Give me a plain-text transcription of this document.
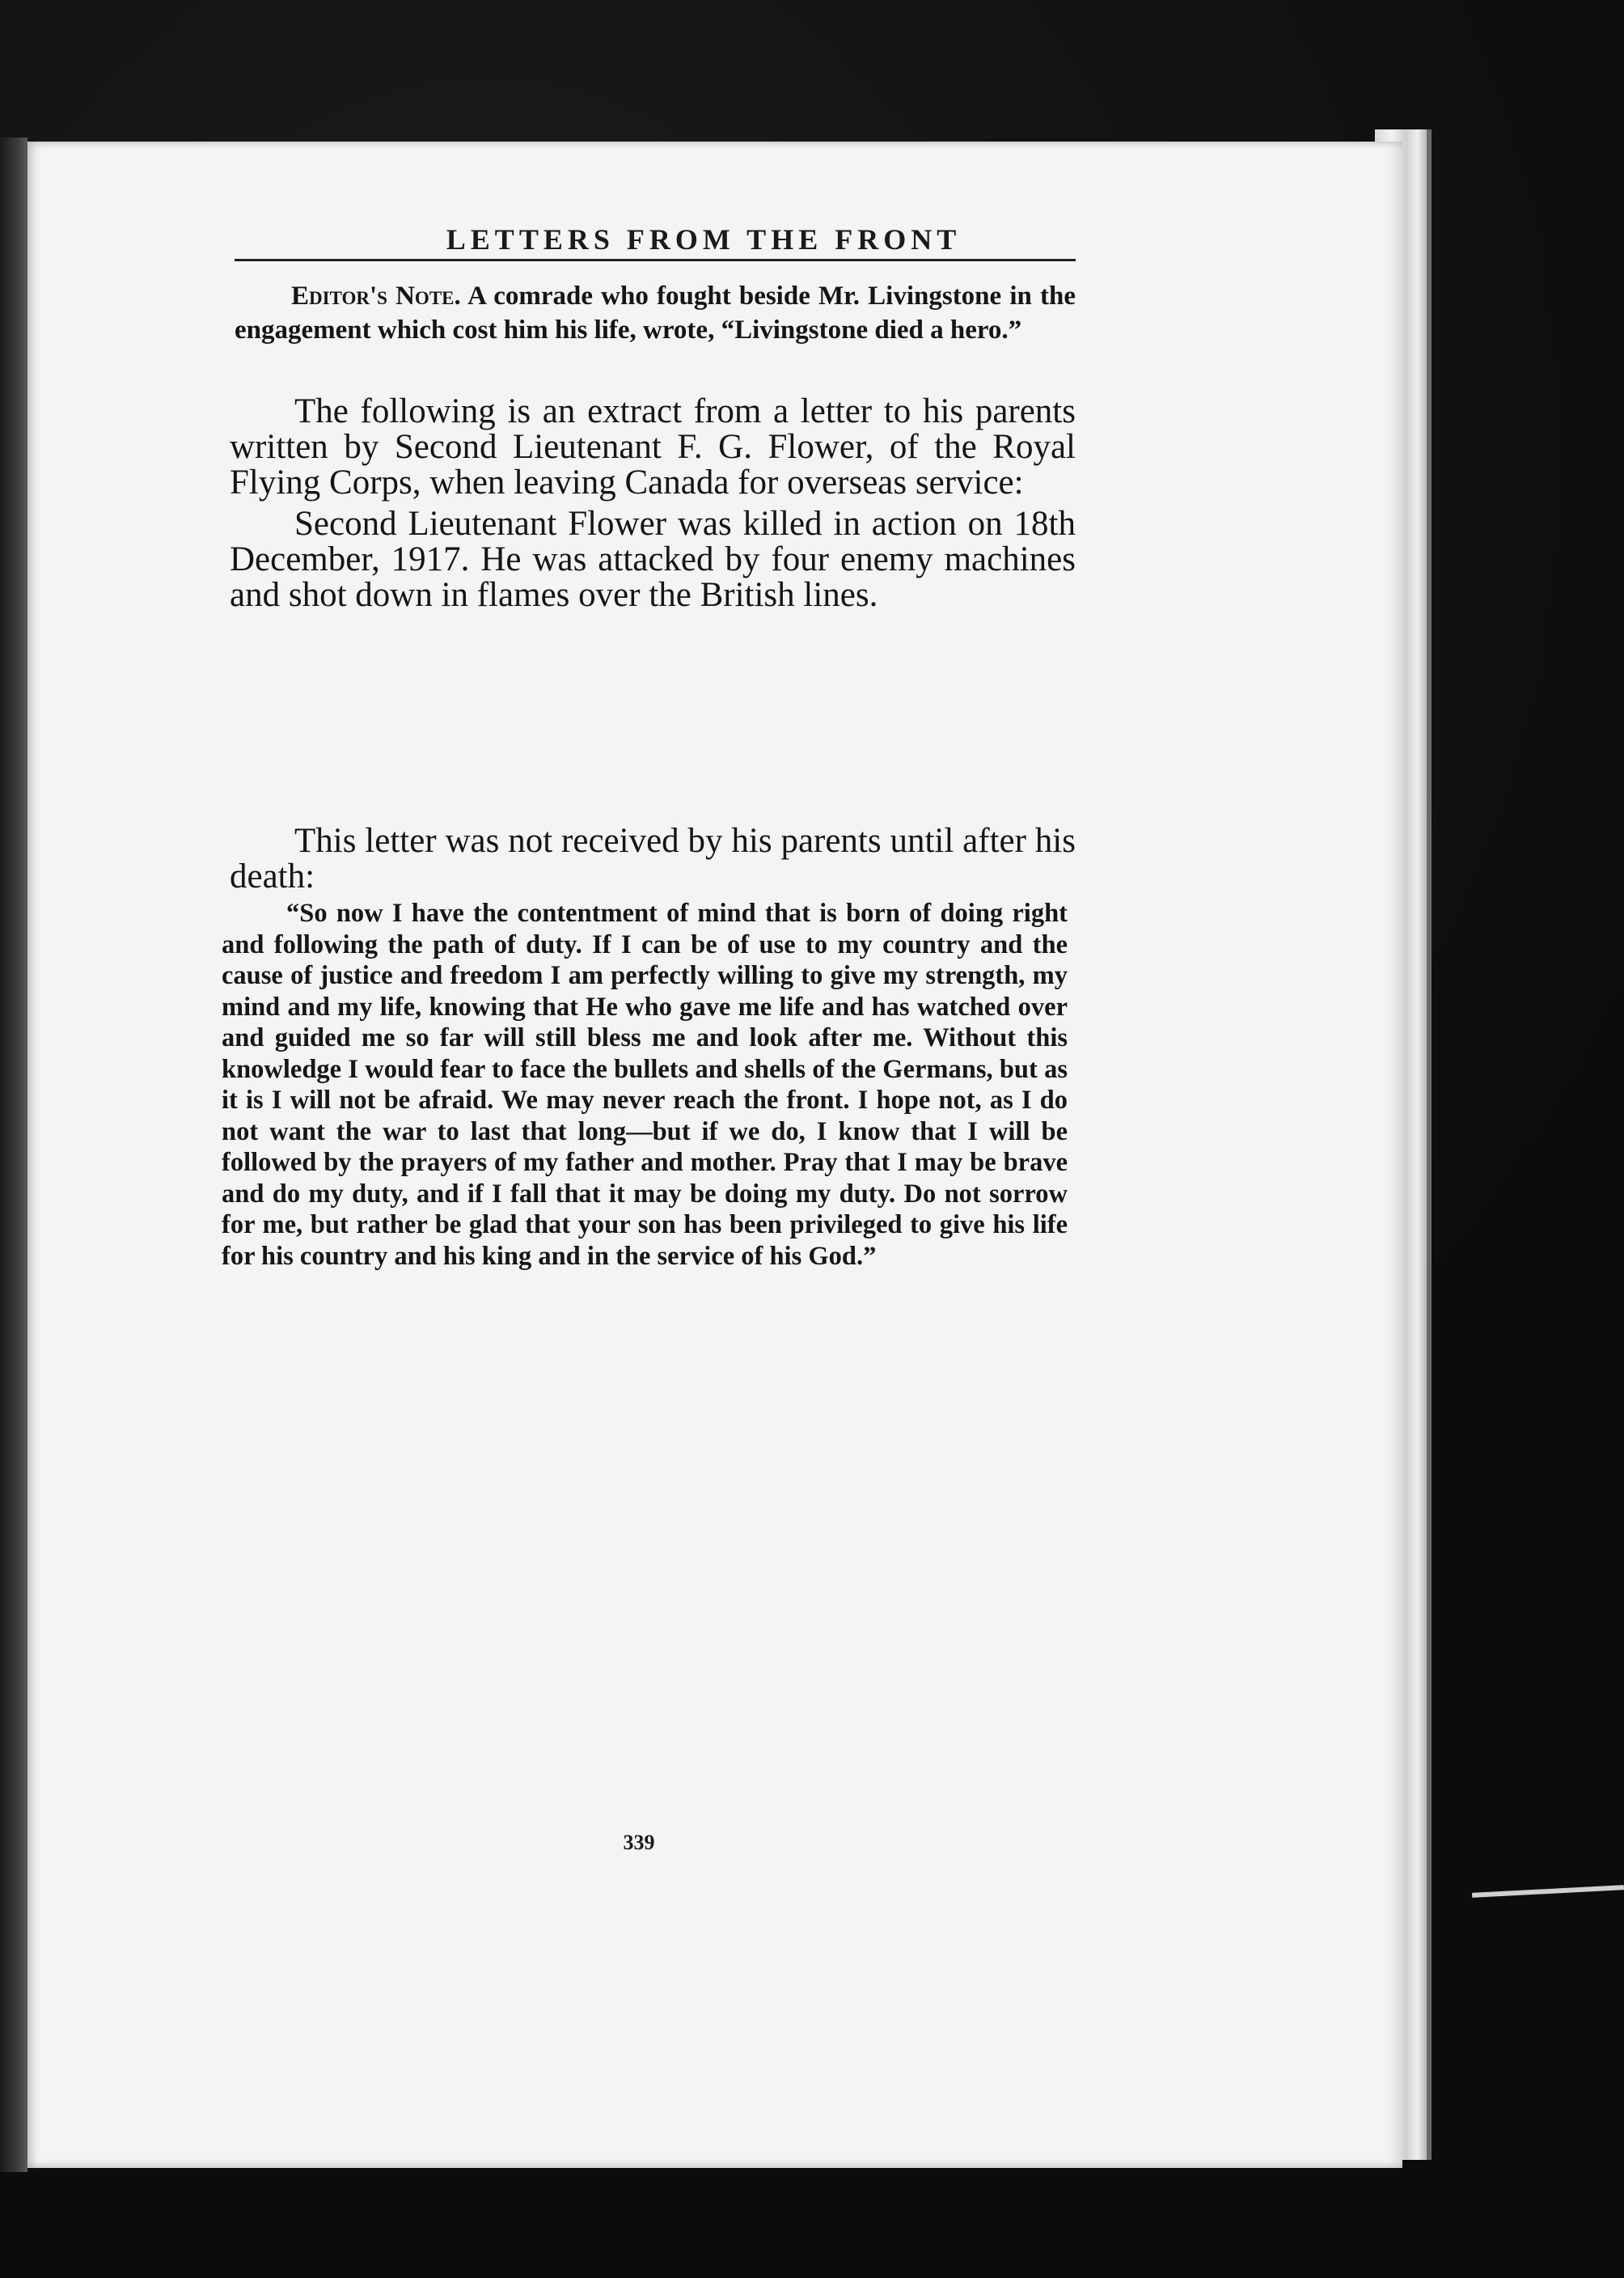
LETTERS FROM THE FRONT
Editor's Note. A comrade who fought beside Mr. Livingstone in the engagement which cost him his life, wrote, “Livingstone died a hero.”
The following is an extract from a letter to his parents written by Second Lieutenant F. G. Flower, of the Royal Flying Corps, when leaving Canada for overseas service:
Second Lieutenant Flower was killed in action on 18th December, 1917. He was attacked by four enemy machines and shot down in flames over the British lines.
This letter was not received by his parents until after his death:
“So now I have the contentment of mind that is born of doing right and following the path of duty. If I can be of use to my country and the cause of justice and freedom I am perfectly willing to give my strength, my mind and my life, knowing that He who gave me life and has watched over and guided me so far will still bless me and look after me. Without this knowledge I would fear to face the bullets and shells of the Germans, but as it is I will not be afraid. We may never reach the front. I hope not, as I do not want the war to last that long—but if we do, I know that I will be followed by the prayers of my father and mother. Pray that I may be brave and do my duty, and if I fall that it may be doing my duty. Do not sorrow for me, but rather be glad that your son has been privileged to give his life for his country and his king and in the service of his God.”
339
